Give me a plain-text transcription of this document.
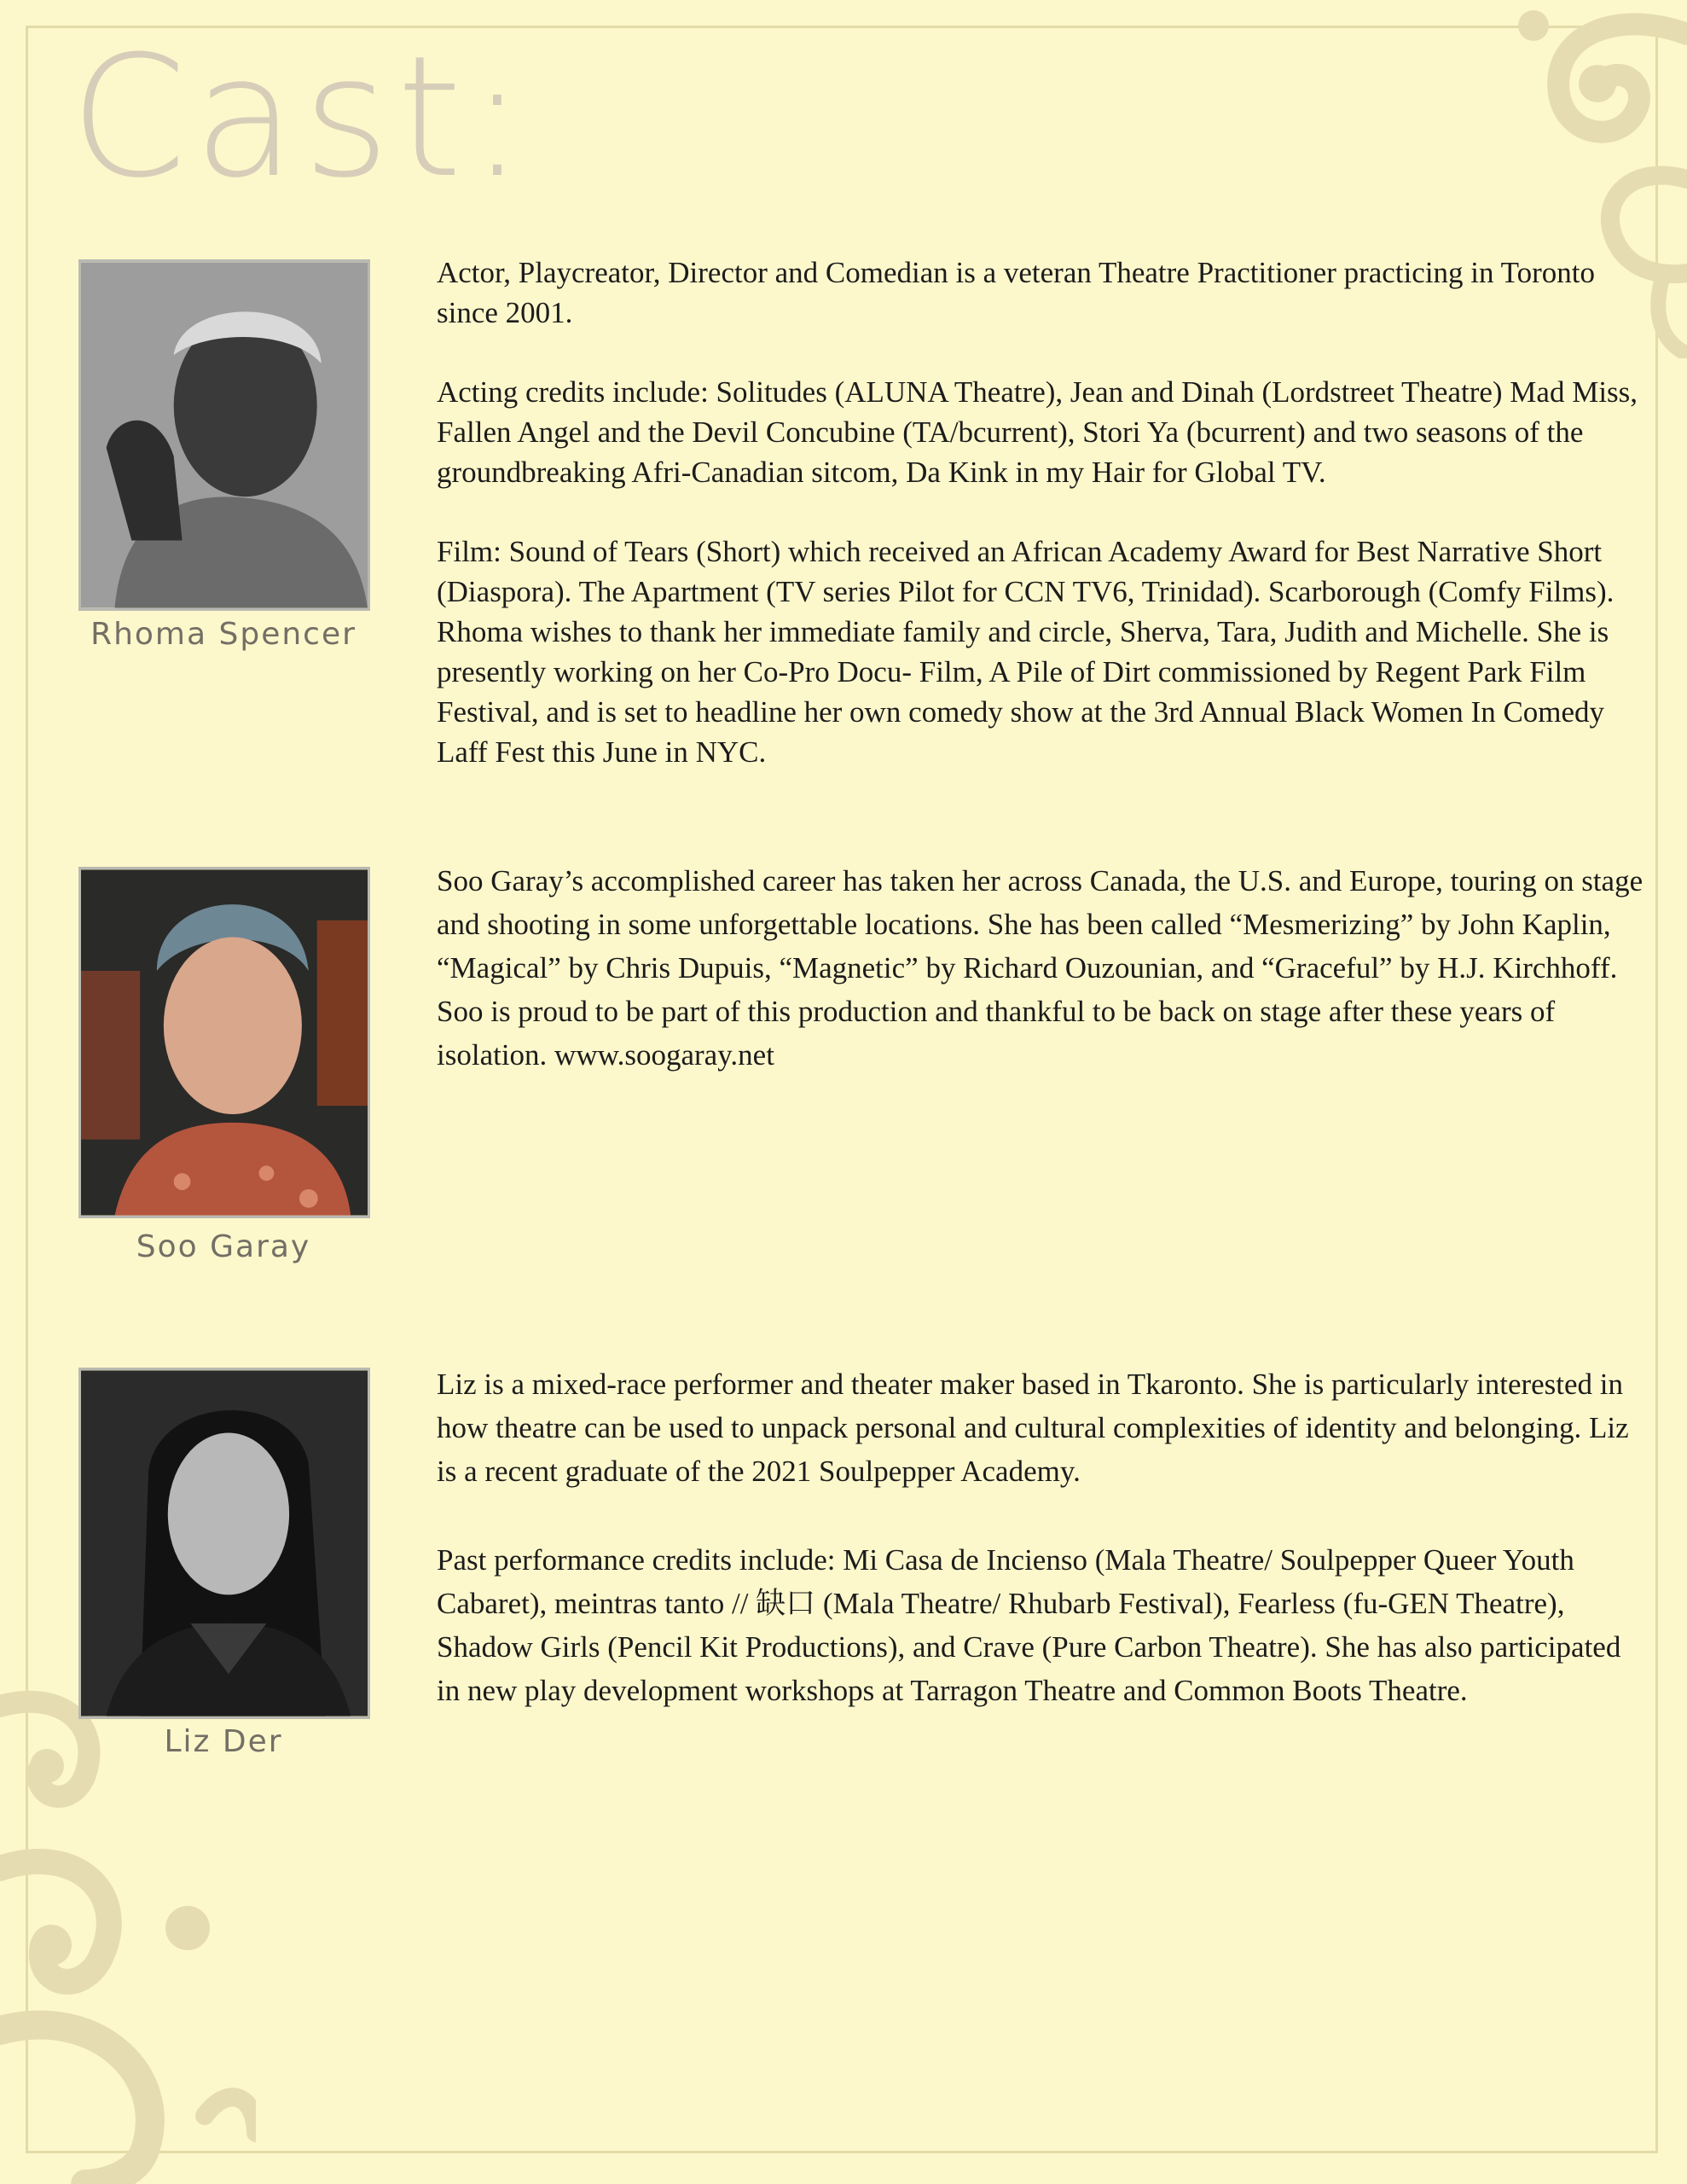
Cast:

Rhoma Spencer

Actor, Playcreator, Director and Comedian is a veteran Theatre Practitioner practicing in Toronto since 2001.

Acting credits include: Solitudes (ALUNA Theatre), Jean and Dinah (Lordstreet Theatre) Mad Miss, Fallen Angel and the Devil Concubine (TA/bcurrent), Stori Ya (bcurrent) and two seasons of the groundbreaking Afri-Canadian sitcom, Da Kink in my Hair for Global TV.

Film: Sound of Tears (Short) which received an African Academy Award for Best Narrative Short (Diaspora). The Apartment (TV series Pilot for CCN TV6, Trinidad). Scarborough (Comfy Films). Rhoma wishes to thank her immediate family and circle, Sherva, Tara, Judith and Michelle. She is presently working on her Co-Pro Docu- Film, A Pile of Dirt commissioned by Regent Park Film Festival, and is set to headline her own comedy show at the 3rd Annual Black Women In Comedy Laff Fest this June in NYC.

Soo Garay

Soo Garay’s accomplished career has taken her across Canada, the U.S. and Europe, touring on stage and shooting in some unforgettable locations. She has been called “Mesmerizing” by John Kaplin, “Magical” by Chris Dupuis, “Magnetic” by Richard Ouzounian, and “Graceful” by H.J. Kirchhoff. Soo is proud to be part of this production and thankful to be back on stage after these years of isolation. www.soogaray.net

Liz Der

Liz is a mixed-race performer and theater maker based in Tkaronto. She is particularly interested in how theatre can be used to unpack personal and cultural complexities of identity and belonging. Liz is a recent graduate of the 2021 Soulpepper Academy.

Past performance credits include: Mi Casa de Incienso (Mala Theatre/ Soulpepper Queer Youth Cabaret), meintras tanto // 缺口 (Mala Theatre/ Rhubarb Festival), Fearless (fu-GEN Theatre), Shadow Girls (Pencil Kit Productions), and Crave (Pure Carbon Theatre). She has also participated in new play development workshops at Tarragon Theatre and Common Boots Theatre.
